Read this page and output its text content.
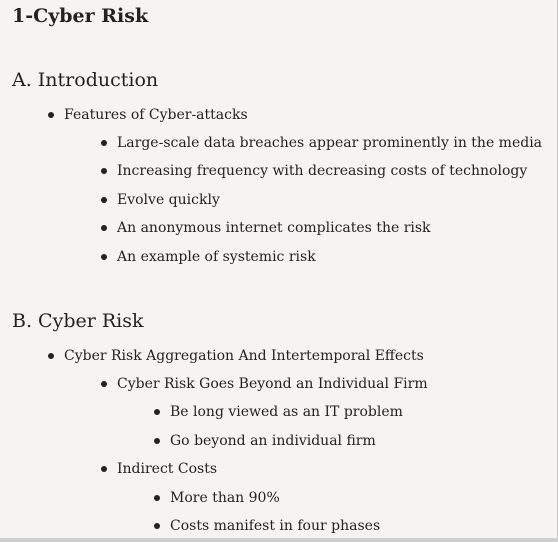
1-Cyber Risk
A. Introduction
Features of Cyber-attacks
Large-scale data breaches appear prominently in the media
Increasing frequency with decreasing costs of technology
Evolve quickly
An anonymous internet complicates the risk
An example of systemic risk
B. Cyber Risk
Cyber Risk Aggregation And Intertemporal Effects
Cyber Risk Goes Beyond an Individual Firm
Be long viewed as an IT problem
Go beyond an individual firm
Indirect Costs
More than 90%
Costs manifest in four phases
